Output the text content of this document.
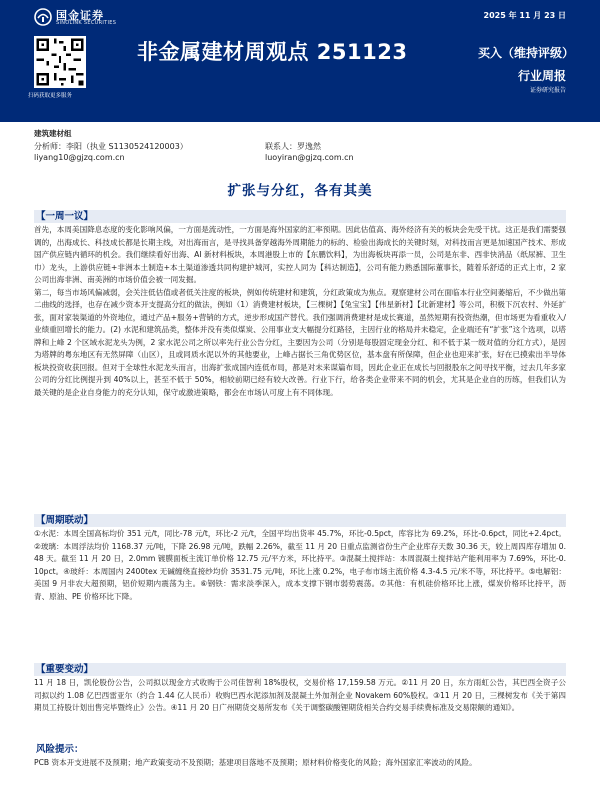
国金证券
SINOLINK SECURITIES
2025 年 11 月 23 日
扫码获取更多服务
非金属建材周观点 251123	买入（维持评级）
行业周报
证券研究报告
建筑建材组
分析师：李阳（执业 S1130524120003）
liyang10@gjzq.com.cn
联系人：罗逸然
luoyiran@gjzq.com.cn
扩张与分红，各有其美
【一周一议】

首先，本周美国降息态度的变化影响风偏，一方面是流动性，一方面是海外国家的汇率预期。因此估值高、海外经济有关的板块会先受干扰。这正是我们需要强调的，出海成长、科技成长都是长期主线，对出海而言，是寻找具备穿越海外周期能力的标的、检验出海成长的关键时刻，对科技而言更是加速国产技术、形成国产供应链内循环的机会。我们继续看好出海、AI 新材料板块，本周港股上市的【东鹏饮料】，为出海板块再添一员，公司是东非、西非快消品（纸尿裤、卫生巾）龙头，上游供应链+非洲本土制造+本土渠道渗透共同构建护城河，实控人同为【科达制造】，公司有能力熟悉国际董事长，随着乐舒适的正式上市，2 家公司出海非洲、南美洲的市场价值会被一同发掘。

第二，每当市场风偏减弱，会关注低估值或者低关注度的板块，例如传统建材和建筑，分红政策成为焦点。观察建材公司在面临本行业空间萎缩后，不少做出第二曲线的选择，也存在减少资本开支提高分红的做法，例如（1）消费建材板块，【三棵树】【兔宝宝】【伟星新材】【北新建材】等公司，积极下沉农村、外延扩张，面对家装渠道的外资地位，通过产品+服务+营销的方式，逆步形成国产替代。我们强调消费建材是成长赛道，虽然短期有投资热潮，但市场更为看重收入/业绩重回增长的能力。(2) 水泥和建筑品类，整体并没有类似煤炭、公用事业支大幅提分红路径，主因行业的格局并未稳定，企业端还有“扩张”这个选项，以塔牌和上峰 2 个区域水泥龙头为例，2 家水泥公司之所以率先行业公告分红，主要因为公司（分别是每股固定现金分红、和不低于某一级对值的分红方式），是因为塔牌的粤东地区有无然屏障（山区），且或同质水泥以外的其他要业，上峰占据长三角优势区位，基本盘有所保障，但企业也迎来扩张，好在已摸索出半导体板块投资收获回报。但对于全球性水泥龙头而言，出海扩张成国内连低布局，都是对未来谋篇布局，因此企业正在成长与回报股东之间寻找平衡，过去几年多家公司的分红比例提升到 40%以上，甚至不低于 50%，相较前期已经有较大改善。行业下行，给各类企业带来不同的机会，尤其是企业自的历练，但我们认为最关键的是企业自身能力的充分认知，保守或激进策略，都会在市场认可度上有不同体现。

【周期联动】

①水泥：本周全国高标均价 351 元/t，同比-78 元/t，环比-2 元/t，全国平均出货率 45.7%，环比-0.5pct，库容比为 69.2%，环比-0.6pct，同比+2.4pct。②玻璃：本周浮法均价 1168.37 元/吨，下降 26.98 元/吨，跌幅 2.26%，截至 11 月 20 日重点监测省份生产企业库存天数 30.36 天，较上周四库存增加 0.48 天。截至 11 月 20 日，2.0mm 镀膜面板主流订单价格 12.75 元/平方米，环比持平。③混凝土搅拌站：本周混凝土搅拌站产能利用率为 7.69%，环比-0.10pct。④玻纤：本周国内 2400tex 无碱缠绕直接纱均价 3531.75 元/吨，环比上涨 0.2%，电子布市场主流价格 4.3-4.5 元/米不等，环比持平。⑤电解铝：美国 9 月非农大超预期，铝价短期内震荡为主。⑥钢铁：需求淡季深入，成本支撑下钢市弱势震荡。⑦其他：有机硅价格环比上涨，煤炭价格环比持平，沥青、原油、PE 价格环比下降。

【重要变动】

11 月 18 日，凯伦股份公告，公司拟以现金方式收购于公司佳智利 18%股权，交易价格 17,159.58 万元。②11 月 20 日，东方雨虹公告，其巴西全资子公司拟以约 1.08 亿巴西雷亚尔（约合 1.44 亿人民币）收购巴西水泥添加剂及混凝土外加剂企业 Novakem 60%股权。③11 月 20 日，三棵树发布《关于第四期员工持股计划出售完毕暨终止》公告。④11 月 20 日广州期货交易所发布《关于调整碳酸锂期货相关合约交易手续费标准及交易限额的通知》。

风险提示：

PCB 资本开支进展不及预期；地产政策变动不及预期；基建项目落地不及预期；原材料价格变化的风险；海外国家汇率波动的风险。
